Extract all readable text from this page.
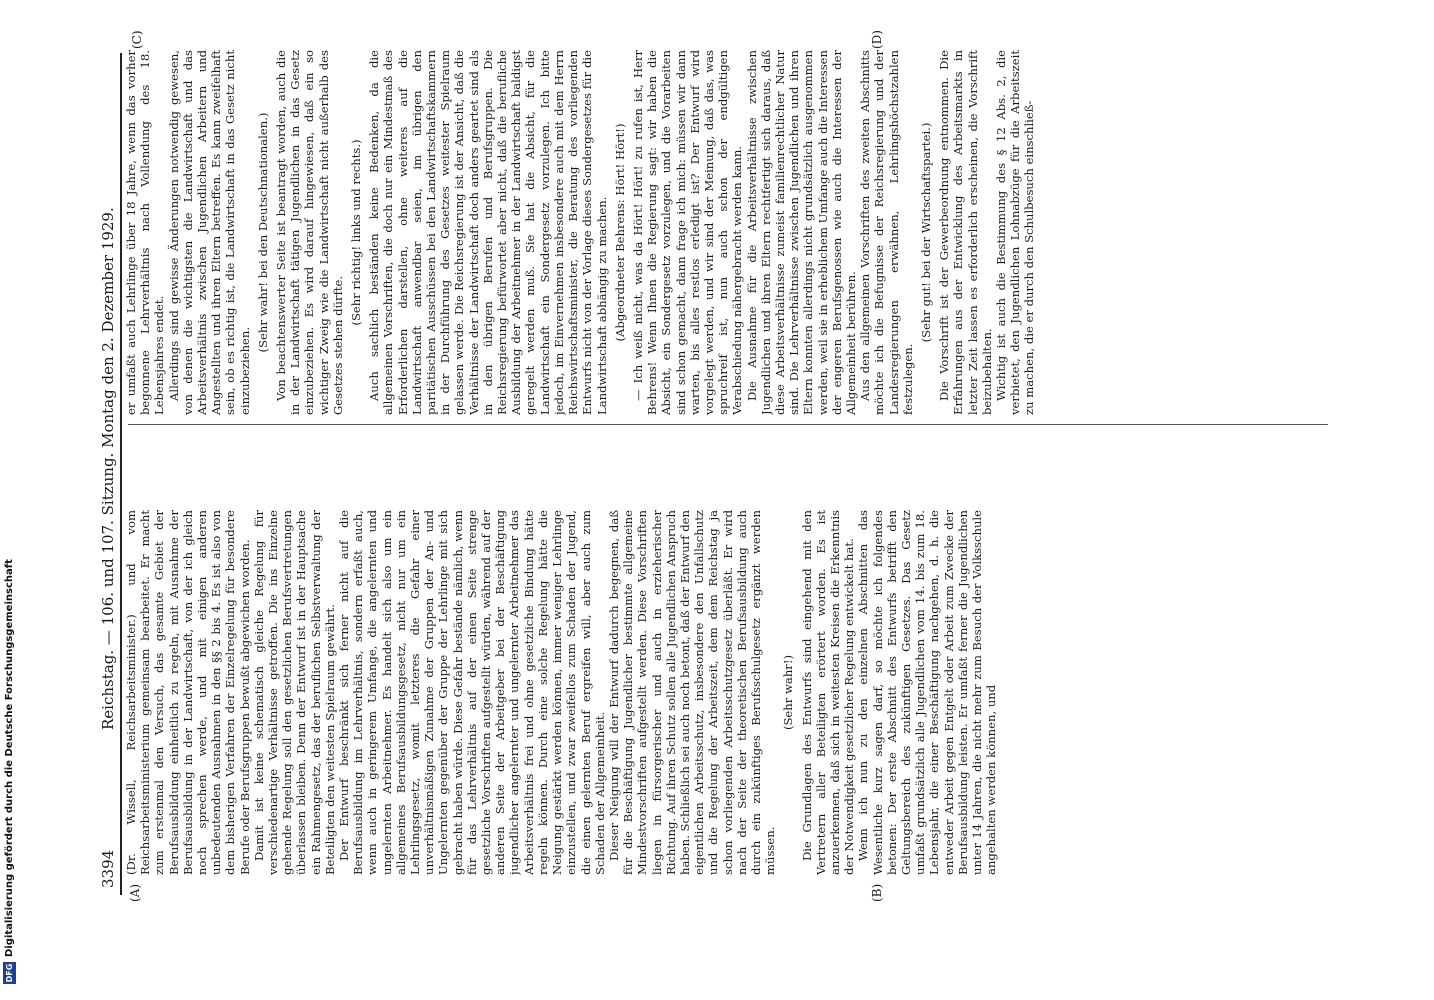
3394
Reichstag. — 106. und 107. Sitzung. Montag den 2. Dezember 1929.
(A)	(B)
(C)	(D)

(Dr. Wissell, Reichsarbeitsminister.) und vom Reichsarbeitsministerium gemeinsam bearbeitet. Er macht zum erstenmal den Versuch, das gesamte Gebiet der Berufsausbildung einheitlich zu regeln, mit Ausnahme der Berufsausbildung in der Landwirtschaft, von der ich gleich noch sprechen werde, und mit einigen anderen unbedeutenden Ausnahmen in den §§ 2 bis 4. Es ist also von dem bisherigen Verfahren der Einzelregelung für besondere Berufe oder Berufsgruppen bewußt abgewichen worden. Damit ist keine schematisch gleiche Regelung für verschiedenartige Verhältnisse getroffen. Die ins Einzelne gehende Regelung soll den gesetzlichen Berufsvertretungen überlassen bleiben. Denn der Entwurf ist in der Hauptsache ein Rahmengesetz, das der beruflichen Selbstverwaltung der Beteiligten den weitesten Spielraum gewährt. Der Entwurf beschränkt sich ferner nicht auf die Berufsausbildung im Lehrverhältnis, sondern erfaßt auch, wenn auch in geringerem Umfange, die angelernten und ungelernten Arbeitnehmer. Es handelt sich also um ein allgemeines Berufsausbildungsgesetz, nicht nur um ein Lehrlingsgesetz, womit letzteres die Gefahr einer unverhältnismäßigen Zunahme der Gruppen der An- und Ungelernten gegenüber der Gruppe der Lehrlinge mit sich gebracht haben würde. Diese Gefahr bestände nämlich, wenn für das Lehrverhältnis auf der einen Seite strenge gesetzliche Vorschriften aufgestellt würden, während auf der anderen Seite der Arbeitgeber bei der Beschäftigung jugendlicher angelernter und ungelernter Arbeitnehmer das Arbeitsverhältnis frei und ohne gesetzliche Bindung hätte regeln können. Durch eine solche Regelung hätte die Neigung gestärkt werden können, immer weniger Lehrlinge einzustellen, und zwar zweifellos zum Schaden der Jugend, die einen gelernten Beruf ergreifen will, aber auch zum Schaden der Allgemeinheit. Dieser Neigung will der Entwurf dadurch begegnen, daß für die Beschäftigung Jugendlicher bestimmte allgemeine Mindestvorschriften aufgestellt werden. Diese Vorschriften liegen in fürsorgerischer und auch in erzieherischer Richtung. Auf ihren Schutz sollen alle Jugendlichen Anspruch haben. Schließlich sei auch noch betont, daß der Entwurf den eigentlichen Arbeitsschutz, insbesondere den Unfallschutz und die Regelung der Arbeitszeit, dem dem Reichstag ja schon vorliegenden Arbeitsschutzgesetz überläßt. Er wird nach der Seite der theoretischen Berufsausbildung auch durch ein zukünftiges Berufsschulgesetz ergänzt werden müssen.

(Sehr wahr!) Die Grundlagen des Entwurfs sind eingehend mit den Vertretern aller Beteiligten erörtert worden. Es ist anzuerkennen, daß sich in weitesten Kreisen die Erkenntnis der Notwendigkeit gesetzlicher Regelung entwickelt hat. Wenn ich nun zu den einzelnen Abschnitten das Wesentliche kurz sagen darf, so möchte ich folgendes betonen: Der erste Abschnitt des Entwurfs betrifft den Geltungsbereich des zukünftigen Gesetzes. Das Gesetz umfaßt grundsätzlich alle Jugendlichen vom 14. bis zum 18. Lebensjahr, die einer Beschäftigung nachgehen, d. h. die entweder Arbeit gegen Entgelt oder Arbeit zum Zwecke der Berufsausbildung leisten. Er umfaßt ferner die Jugendlichen unter 14 Jahren, die nicht mehr zum Besuch der Volksschule angehalten werden können, und

er umfaßt auch Lehrlinge über 18 Jahre, wenn das vorher begonnene Lehrverhältnis nach Vollendung des 18. Lebensjahres endet. Allerdings sind gewisse Änderungen notwendig gewesen, von denen die wichtigsten die Landwirtschaft und das Arbeitsverhältnis zwischen Jugendlichen Arbeitern und Angestellten und ihren Eltern betreffen. Es kann zweifelhaft sein, ob es richtig ist, die Landwirtschaft in das Gesetz nicht einzubeziehen.

(Sehr wahr! bei den Deutschnationalen.) Von beachtenswerter Seite ist beantragt worden, auch die in der Landwirtschaft tätigen Jugendlichen in das Gesetz einzubeziehen. Es wird darauf hingewiesen, daß ein so wichtiger Zweig wie die Landwirtschaft nicht außerhalb des Gesetzes stehen dürfte.

(Sehr richtig! links und rechts.) Auch sachlich beständen keine Bedenken, da die allgemeinen Vorschriften, die doch nur ein Mindestmaß des Erforderlichen darstellen, ohne weiteres auf die Landwirtschaft anwendbar seien, im übrigen den paritätischen Ausschüssen bei den Landwirtschaftskammern in der Durchführung des Gesetzes weitester Spielraum gelassen werde. Die Reichsregierung ist der Ansicht, daß die Verhältnisse der Landwirtschaft doch anders geartet sind als in den übrigen Berufen und Berufsgruppen. Die Reichsregierung befürwortet aber nicht, daß die berufliche Ausbildung der Arbeitnehmer in der Landwirtschaft baldigst geregelt werden muß. Sie hat die Absicht, für die Landwirtschaft ein Sondergesetz vorzulegen. Ich bitte jedoch, im Einvernehmen insbesondere auch mit dem Herrn Reichswirtschaftsminister, die Beratung des vorliegenden Entwurfs nicht von der Vorlage dieses Sondergesetzes für die Landwirtschaft abhängig zu machen. (Abgeordneter Behrens: Hört! Hört!) — Ich weiß nicht, was da Hört! Hört! zu rufen ist, Herr Behrens! Wenn Ihnen die Regierung sagt: wir haben die Absicht, ein Sondergesetz vorzulegen, und die Vorarbeiten sind schon gemacht, dann frage ich mich: müssen wir dann warten, bis alles restlos erledigt ist? Der Entwurf wird vorgelegt werden, und wir sind der Meinung, daß das, was spruchreif ist, nun auch schon der endgültigen Verabschiedung nähergebracht werden kann. Die Ausnahme für die Arbeitsverhältnisse zwischen Jugendlichen und ihren Eltern rechtfertigt sich daraus, daß diese Arbeitsverhältnisse zumeist familienrechtlicher Natur sind. Die Lehrverhältnisse zwischen Jugendlichen und ihren Eltern konnten allerdings nicht grundsätzlich ausgenommen werden, weil sie in erheblichem Umfange auch die Interessen der engeren Berufsgenossen wie auch die Interessen der Allgemeinheit berühren. Aus den allgemeinen Vorschriften des zweiten Abschnitts möchte ich die Befugnisse der Reichsregierung und der Landesregierungen erwähnen, Lehrlingshöchstzahlen festzulegen.

(Sehr gut! bei der Wirtschaftspartei.) Die Vorschrift ist der Gewerbeordnung entnommen. Die Erfahrungen aus der Entwicklung des Arbeitsmarkts in letzter Zeit lassen es erforderlich erscheinen, die Vorschrift beizubehalten. Wichtig ist auch die Bestimmung des § 12 Abs. 2, die verbietet, den Jugendlichen Lohnabzüge für die Arbeitszeit zu machen, die er durch den Schulbesuch einschließ-

DFG
Digitalisierung gefördert durch die Deutsche Forschungsgemeinschaft
